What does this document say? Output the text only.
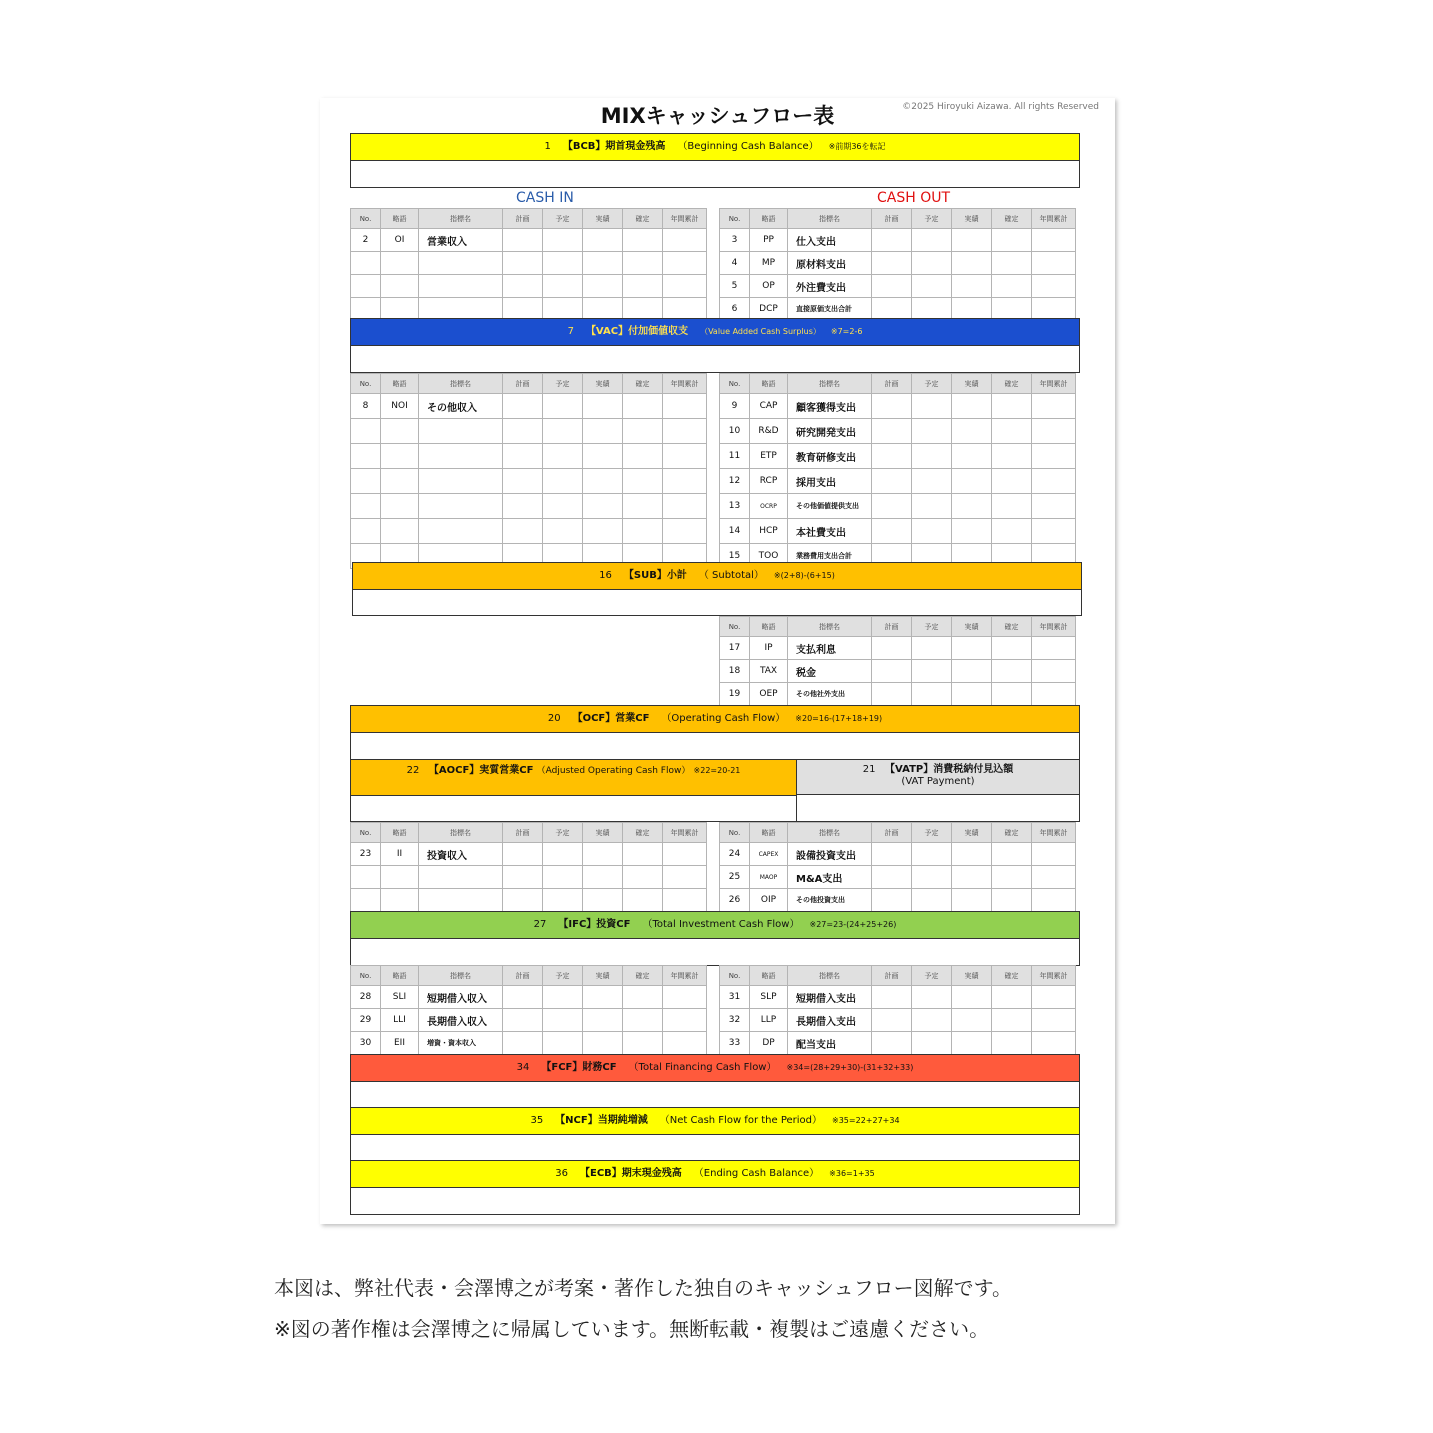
MIXキャッシュフロー表	©2025 Hiroyuki Aizawa. All rights Reserved
1 【BCB】期首現金残高 （Beginning Cash Balance） ※前期36を転記
CASH IN	CASH OUT
No.	略語	指標名	計画	予定	実績	確定	年間累計
2	OI	営業収入					

No.	略語	指標名	計画	予定	実績	確定	年間累計
3	PP	仕入支出					
4	MP	原材料支出					
5	OP	外注費支出					
6	DCP	直接原価支出合計					
7 【VAC】付加価値収支 （Value Added Cash Surplus） ※7=2-6
No.	略語	指標名	計画	予定	実績	確定	年間累計
8	NOI	その他収入					

No.	略語	指標名	計画	予定	実績	確定	年間累計
9	CAP	顧客獲得支出					
10	R&D	研究開発支出					
11	ETP	教育研修支出					
12	RCP	採用支出					
13	OCRP	その他価値提供支出					
14	HCP	本社費支出					
15	TOO	業務費用支出合計					
16 【SUB】小計 （ Subtotal） ※(2+8)-(6+15)
No.	略語	指標名	計画	予定	実績	確定	年間累計
17	IP	支払利息					
18	TAX	税金					
19	OEP	その他社外支出					
20 【OCF】営業CF （Operating Cash Flow） ※20=16-(17+18+19)
22 【AOCF】実質営業CF （Adjusted Operating Cash Flow） ※22=20-21	21 【VATP】消費税納付見込額
(VAT Payment)
No.	略語	指標名	計画	予定	実績	確定	年間累計
23	II	投資収入					

No.	略語	指標名	計画	予定	実績	確定	年間累計
24	CAPEX	設備投資支出					
25	MAOP	M&A支出					
26	OIP	その他投資支出					
27 【IFC】投資CF （Total Investment Cash Flow） ※27=23-(24+25+26)
No.	略語	指標名	計画	予定	実績	確定	年間累計
28	SLI	短期借入収入					
29	LLI	長期借入収入					
30	EII	増資・資本収入					
No.	略語	指標名	計画	予定	実績	確定	年間累計
31	SLP	短期借入支出					
32	LLP	長期借入支出					
33	DP	配当支出					
34 【FCF】財務CF （Total Financing Cash Flow） ※34=(28+29+30)-(31+32+33)
35 【NCF】当期純増減 （Net Cash Flow for the Period） ※35=22+27+34
36 【ECB】期末現金残高 （Ending Cash Balance） ※36=1+35
本図は、弊社代表・会澤博之が考案・著作した独自のキャッシュフロー図解です。
※図の著作権は会澤博之に帰属しています。無断転載・複製はご遠慮ください。
